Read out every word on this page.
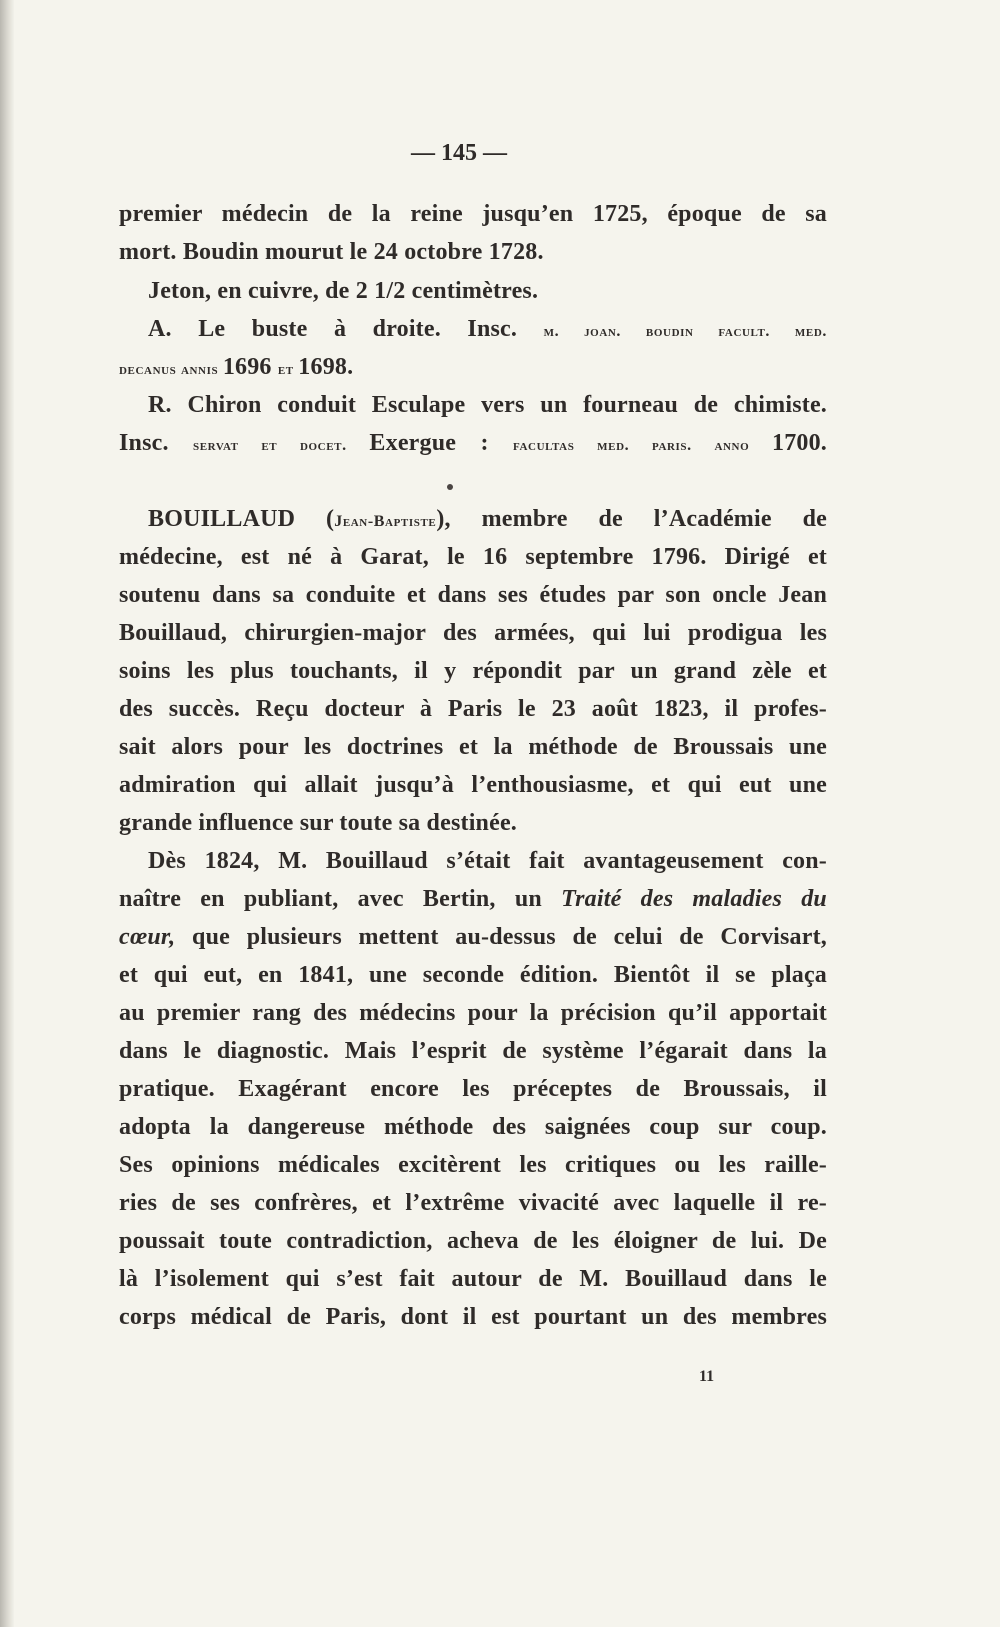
— 145 —
premier médecin de la reine jusqu’en 1725, époque de sa
mort. Boudin mourut le 24 octobre 1728.
Jeton, en cuivre, de 2 1/2 centimètres.
A. Le buste à droite. Insc. m. joan. boudin facult. med.
decanus annis 1696 et 1698.
R. Chiron conduit Esculape vers un fourneau de chimiste.
Insc. servat et docet. Exergue : facultas med. paris. anno 1700.
BOUILLAUD (Jean-Baptiste), membre de l’Académie de
médecine, est né à Garat, le 16 septembre 1796. Dirigé et
soutenu dans sa conduite et dans ses études par son oncle Jean
Bouillaud, chirurgien-major des armées, qui lui prodigua les
soins les plus touchants, il y répondit par un grand zèle et
des succès. Reçu docteur à Paris le 23 août 1823, il profes-
sait alors pour les doctrines et la méthode de Broussais une
admiration qui allait jusqu’à l’enthousiasme, et qui eut une
grande influence sur toute sa destinée.
Dès 1824, M. Bouillaud s’était fait avantageusement con-
naître en publiant, avec Bertin, un Traité des maladies du
cœur, que plusieurs mettent au-dessus de celui de Corvisart,
et qui eut, en 1841, une seconde édition. Bientôt il se plaça
au premier rang des médecins pour la précision qu’il apportait
dans le diagnostic. Mais l’esprit de système l’égarait dans la
pratique. Exagérant encore les préceptes de Broussais, il
adopta la dangereuse méthode des saignées coup sur coup.
Ses opinions médicales excitèrent les critiques ou les raille-
ries de ses confrères, et l’extrême vivacité avec laquelle il re-
poussait toute contradiction, acheva de les éloigner de lui. De
là l’isolement qui s’est fait autour de M. Bouillaud dans le
corps médical de Paris, dont il est pourtant un des membres
11
